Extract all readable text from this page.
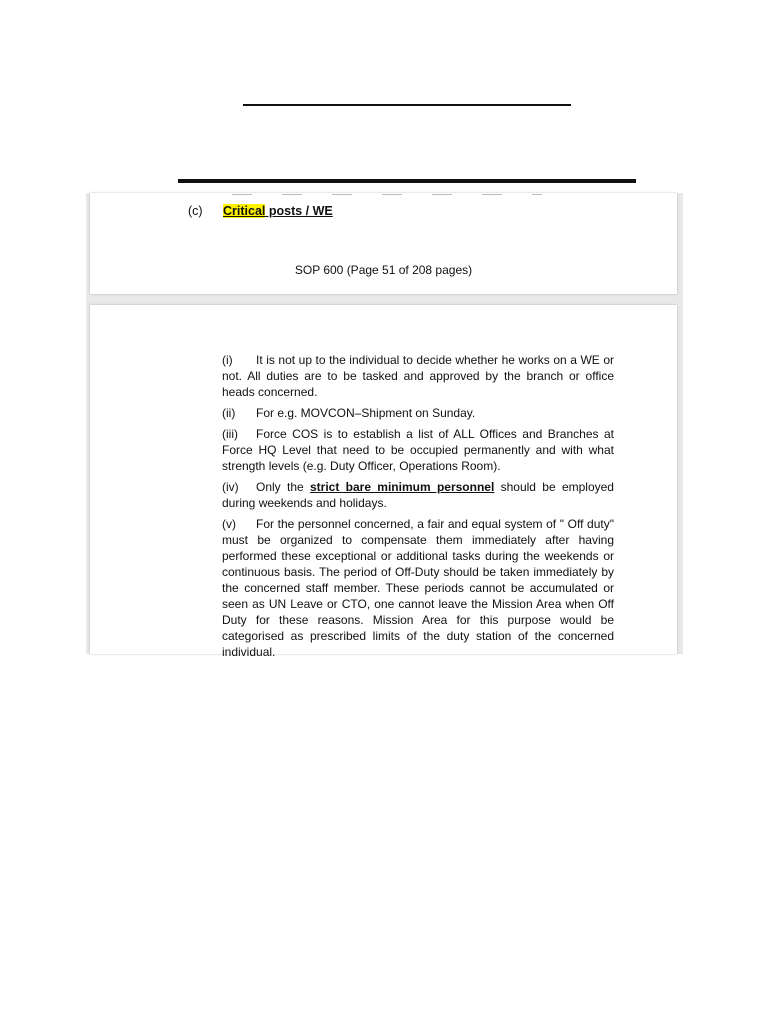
(c) Critical posts / WE
SOP 600 (Page 51 of 208 pages)

(i) It is not up to the individual to decide whether he works on a WE or not. All duties are to be tasked and approved by the branch or office heads concerned.

(ii) For e.g. MOVCON–Shipment on Sunday.

(iii) Force COS is to establish a list of ALL Offices and Branches at Force HQ Level that need to be occupied permanently and with what strength levels (e.g. Duty Officer, Operations Room).

(iv) Only the strict bare minimum personnel should be employed during weekends and holidays.

(v) For the personnel concerned, a fair and equal system of " Off duty" must be organized to compensate them immediately after having performed these exceptional or additional tasks during the weekends or continuous basis. The period of Off-Duty should be taken immediately by the concerned staff member. These periods cannot be accumulated or seen as UN Leave or CTO, one cannot leave the Mission Area when Off Duty for these reasons. Mission Area for this purpose would be categorised as prescribed limits of the duty station of the concerned individual.
